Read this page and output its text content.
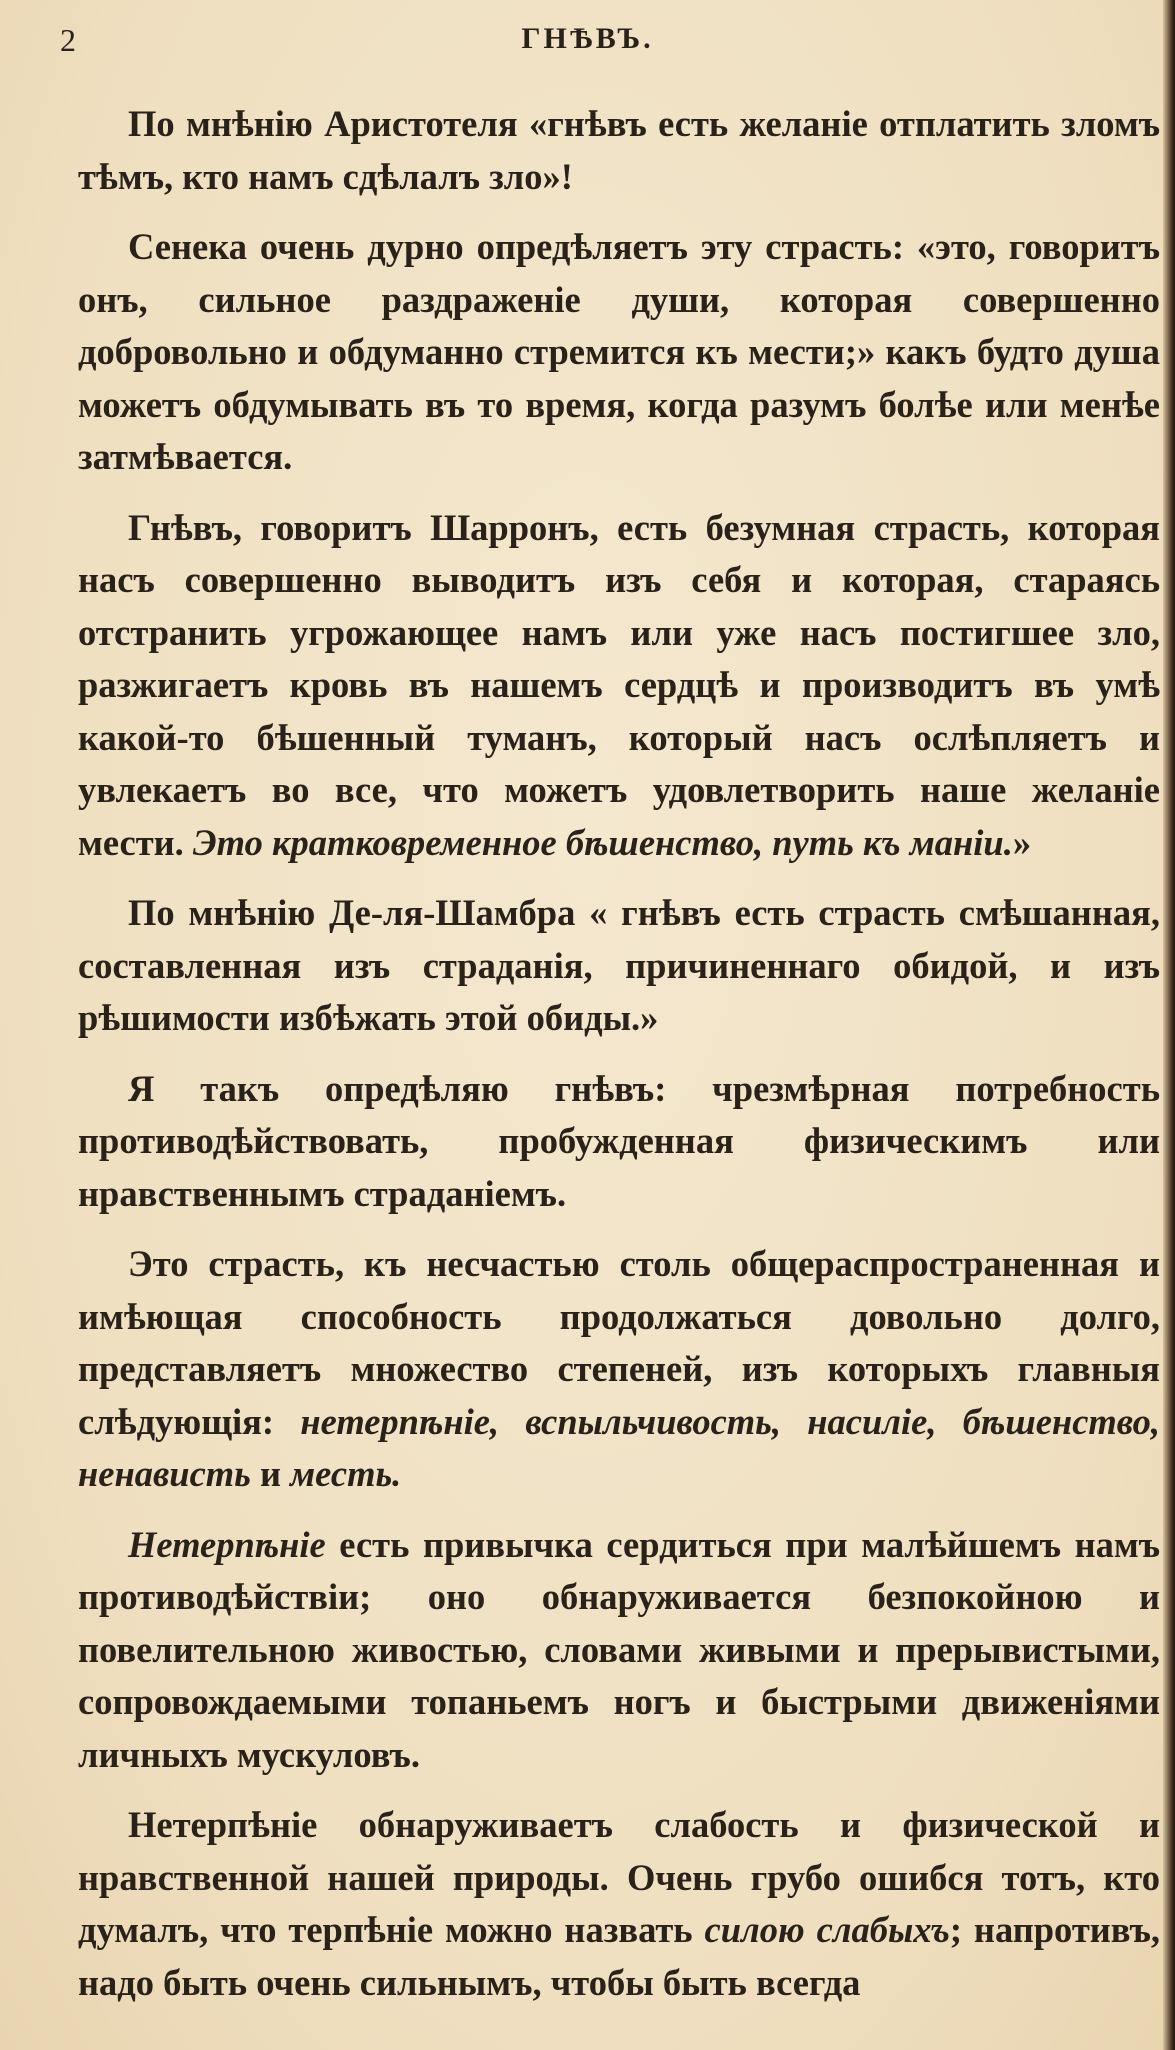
2	ГНѢВЪ.

По мнѣнію Аристотеля «гнѣвъ есть желаніе отплатить зломъ тѣмъ, кто намъ сдѣлалъ зло»!

Сенека очень дурно опредѣляетъ эту страсть: «это, говоритъ онъ, сильное раздраженіе души, которая совершенно добровольно и обдуманно стремится къ мести;» какъ будто душа можетъ обдумывать въ то время, когда разумъ болѣе или менѣе затмѣвается.

Гнѣвъ, говоритъ Шарронъ, есть безумная страсть, которая насъ совершенно выводитъ изъ себя и которая, стараясь отстранить угрожающее намъ или уже насъ постигшее зло, разжигаетъ кровь въ нашемъ сердцѣ и производитъ въ умѣ какой-то бѣшенный туманъ, который насъ ослѣпляетъ и увлекаетъ во все, что можетъ удовлетворить наше желаніе мести. Это кратковременное бѣшенство, путь къ маніи.»

По мнѣнію Де-ля-Шамбра « гнѣвъ есть страсть смѣшанная, составленная изъ страданія, причиненнаго обидой, и изъ рѣшимости избѣжать этой обиды.»

Я такъ опредѣляю гнѣвъ: чрезмѣрная потребность противодѣйствовать, пробужденная физическимъ или нравственнымъ страданіемъ.

Это страсть, къ несчастью столь общераспространенная и имѣющая способность продолжаться довольно долго, представляетъ множество степеней, изъ которыхъ главныя слѣдующія: нетерпѣніе, вспыльчивость, насиліе, бѣшенство, ненависть и месть.

Нетерпѣніе есть привычка сердиться при малѣйшемъ намъ противодѣйствіи; оно обнаруживается безпокойною и повелительною живостью, словами живыми и прерывистыми, сопровождаемыми топаньемъ ногъ и быстрыми движеніями личныхъ мускуловъ.

Нетерпѣніе обнаруживаетъ слабость и физической и нравственной нашей природы. Очень грубо ошибся тотъ, кто думалъ, что терпѣніе можно назвать силою слабыхъ; напротивъ, надо быть очень сильнымъ, чтобы быть всегда
